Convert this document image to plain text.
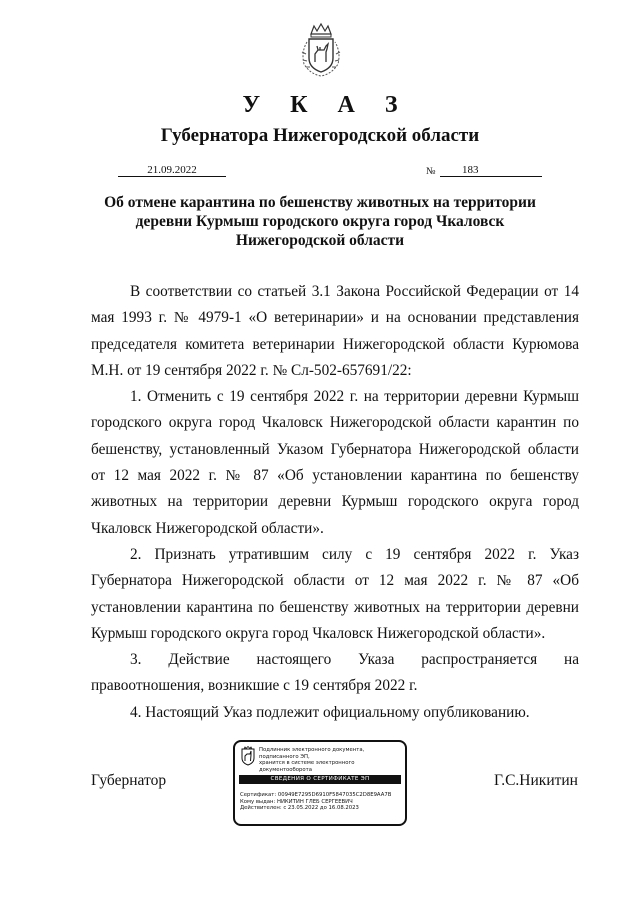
У К А З
Губернатора Нижегородской области
21.09.2022	№ 183
Об отмене карантина по бешенству животных на территории
деревни Курмыш городского округа город Чкаловск
Нижегородской области

В соответствии со статьей 3.1 Закона Российской Федерации от 14 мая 1993 г. № 4979-1 «О ветеринарии» и на основании представления председателя комитета ветеринарии Нижегородской области Курюмова М.Н. от 19 сентября 2022 г. № Сл-502-657691/22:

1. Отменить с 19 сентября 2022 г. на территории деревни Курмыш городского округа город Чкаловск Нижегородской области карантин по бешенству, установленный Указом Губернатора Нижегородской области от 12 мая 2022 г. № 87 «Об установлении карантина по бешенству животных на территории деревни Курмыш городского округа город Чкаловск Нижегородской области».

2. Признать утратившим силу с 19 сентября 2022 г. Указ Губернатора Нижегородской области от 12 мая 2022 г. № 87 «Об установлении карантина по бешенству животных на территории деревни Курмыш городского округа город Чкаловск Нижегородской области».

3. Действие настоящего Указа распространяется на правоотношения, возникшие с 19 сентября 2022 г.

4. Настоящий Указ подлежит официальному опубликованию.

Губернатор
Подлинник электронного документа, подписанного ЭП,
хранится в системе электронного документооборота
СВЕДЕНИЯ О СЕРТИФИКАТЕ ЭП
Сертификат: 00949E7295D6910F5847035C2D8E9AA7B
Кому выдан: НИКИТИН ГЛЕБ СЕРГЕЕВИЧ
Действителен: с 23.05.2022 до 16.08.2023
Г.С.Никитин
